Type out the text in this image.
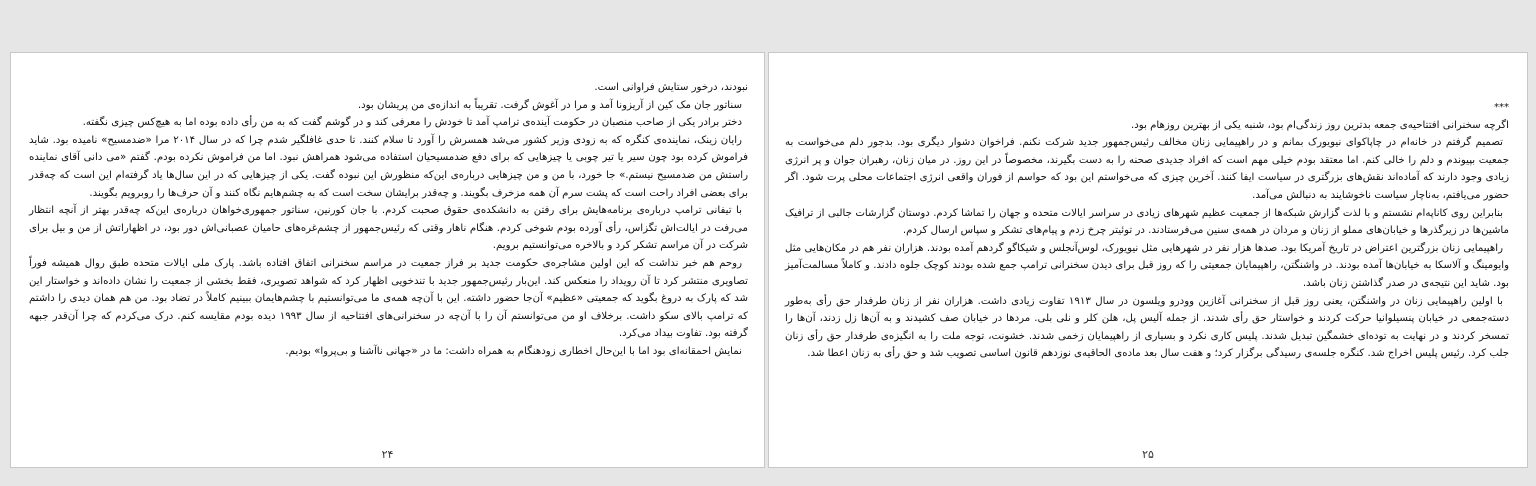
نبودند، درخور ستایش فراوانی است.

سناتور جان مک کین از آریزونا آمد و مرا در آغوش گرفت. تقریباً به اندازه‌ی من پریشان بود.

دختر برادر یکی از صاحب منصبان در حکومت آینده‌ی ترامپ آمد تا خودش را معرفی کند و در گوشم گفت که به من رأی داده بوده اما به هیچ‌کس چیزی نگفته.

رایان زینک، نماینده‌ی کنگره که به زودی وزیر کشور می‌شد همسرش را آورد تا سلام کنند. تا حدی غافلگیر شدم چرا که در سال ۲۰۱۴ مرا «ضدمسیح» نامیده بود. شاید فراموش کرده بود چون سیر یا تیر چوبی یا چیزهایی که برای دفع ضدمسیحیان استفاده می‌شود همراهش نبود. اما من فراموش نکرده بودم. گفتم «می دانی آقای نماینده راستش من ضدمسیح نیستم.» جا خورد، با من و من چیزهایی درباره‌ی این‌که منظورش این نبوده گفت. یکی از چیزهایی که در این سال‌ها یاد گرفته‌ام این است که چه‌قدر برای بعضی افراد راحت است که پشت سرم آن همه مزخرف بگویند. و چه‌قدر برایشان سخت است که به چشم‌هایم نگاه کنند و آن حرف‌ها را روبرویم بگویند.

با تیفانی ترامپ درباره‌ی برنامه‌هایش برای رفتن به دانشکده‌ی حقوق صحبت کردم. با جان کورنین، سناتور جمهوری‌خواهان درباره‌ی این‌که چه‌قدر بهتر از آنچه انتظار می‌رفت در ایالت‌اش تگزاس، رأی آورده بودم شوخی کردم. هنگام ناهار وقتی که رئیس‌جمهور از چشم‌غره‌های حامیان عصبانی‌اش دور بود، در اظهاراتش از من و بیل برای شرکت در آن مراسم تشکر کرد و بالاخره می‌توانستیم برویم.

روحم هم خبر نداشت که این اولین مشاجره‌ی حکومت جدید بر فراز جمعیت در مراسم سخنرانی اتفاق افتاده باشد. پارک ملی ایالات متحده طبق روال همیشه فوراً تصاویری منتشر کرد تا آن رویداد را منعکس کند. این‌بار رئیس‌جمهور جدید با تندخویی اظهار کرد که شواهد تصویری، فقط بخشی از جمعیت را نشان داده‌اند و خواستار این شد که پارک به دروغ بگوید که جمعیتی «عظیم» آن‌جا حضور داشته. این با آن‌چه همه‌ی ما می‌توانستیم با چشم‌هایمان ببینیم کاملاً در تضاد بود. من هم همان دیدی را داشتم که ترامپ بالای سکو داشت. برخلاف او من می‌توانستم آن را با آن‌چه در سخنرانی‌های افتتاحیه از سال ۱۹۹۳ دیده بودم مقایسه کنم. درک می‌کردم که چرا آن‌قدر جبهه گرفته بود. تفاوت بیداد می‌کرد.

نمایش احمقانه‌ای بود اما با این‌حال اخطاری زودهنگام به همراه داشت: ما در «جهانی ناآشنا و بی‌پروا» بودیم.

۲۴
***

اگرچه سخنرانی افتتاحیه‌ی جمعه بدترین روز زندگی‌ام بود، شنبه یکی از بهترین روزهام بود.

تصمیم گرفتم در خانه‌ام در چاپاکوای نیویورک بمانم و در راهپیمایی زنان مخالف رئیس‌جمهور جدید شرکت نکنم. فراخوان دشوار دیگری بود. بدجور دلم می‌خواست به جمعیت بپیوندم و دلم را خالی کنم. اما معتقد بودم خیلی مهم است که افراد جدیدی صحنه را به دست بگیرند، مخصوصاً در این روز. در میان زنان، رهبران جوان و پر انرژی زیادی وجود دارند که آماده‌اند نقش‌های بزرگتری در سیاست ایفا کنند. آخرین چیزی که می‌خواستم این بود که حواسم از فوران واقعی انرژی اجتماعات محلی پرت شود. اگر حضور می‌یافتم، به‌ناچار سیاست ناخوشایند به دنبالش می‌آمد.

بنابراین روی کاناپه‌ام نشستم و با لذت گزارش شبکه‌ها از جمعیت عظیم شهرهای زیادی در سراسر ایالات متحده و جهان را تماشا کردم. دوستان گزارشات جالبی از ترافیک ماشین‌ها در زیرگذرها و خیابان‌های مملو از زنان و مردان در همه‌ی سنین می‌فرستادند. در توئیتر چرخ زدم و پیام‌های تشکر و سپاس ارسال کردم.

راهپیمایی زنان بزرگترین اعتراض در تاریخ آمریکا بود. صدها هزار نفر در شهرهایی مثل نیویورک، لوس‌آنجلس و شیکاگو گردهم آمده بودند. هزاران نفر هم در مکان‌هایی مثل وایومینگ و آلاسکا به خیابان‌ها آمده بودند. در واشنگتن، راهپیمایان جمعیتی را که روز قبل برای دیدن سخنرانی ترامپ جمع شده بودند کوچک جلوه دادند. و کاملاً مسالمت‌آمیز بود. شاید این نتیجه‌ی در صدر گذاشتن زنان باشد.

با اولین راهپیمایی زنان در واشنگتن، یعنی روز قبل از سخنرانی آغازین وودرو ویلسون در سال ۱۹۱۳ تفاوت زیادی داشت. هزاران نفر از زنان طرفدار حق رأی به‌طور دسته‌جمعی در خیابان پنسیلوانیا حرکت کردند و خواستار حق رأی شدند. از جمله آلیس پل، هلن کلر و نلی بلی. مردها در خیابان صف کشیدند و به آن‌ها زل زدند، آن‌ها را تمسخر کردند و در نهایت به توده‌ای خشمگین تبدیل شدند. پلیس کاری نکرد و بسیاری از راهپیمایان زخمی شدند. خشونت، توجه ملت را به انگیزه‌ی طرفدار حق رأی زنان جلب کرد. رئیس پلیس اخراج شد. کنگره جلسه‌ی رسیدگی برگزار کرد؛ و هفت سال بعد ماده‌ی الحاقیه‌ی نوزدهم قانون اساسی تصویب شد و حق رأی به زنان اعطا شد.

۲۵
